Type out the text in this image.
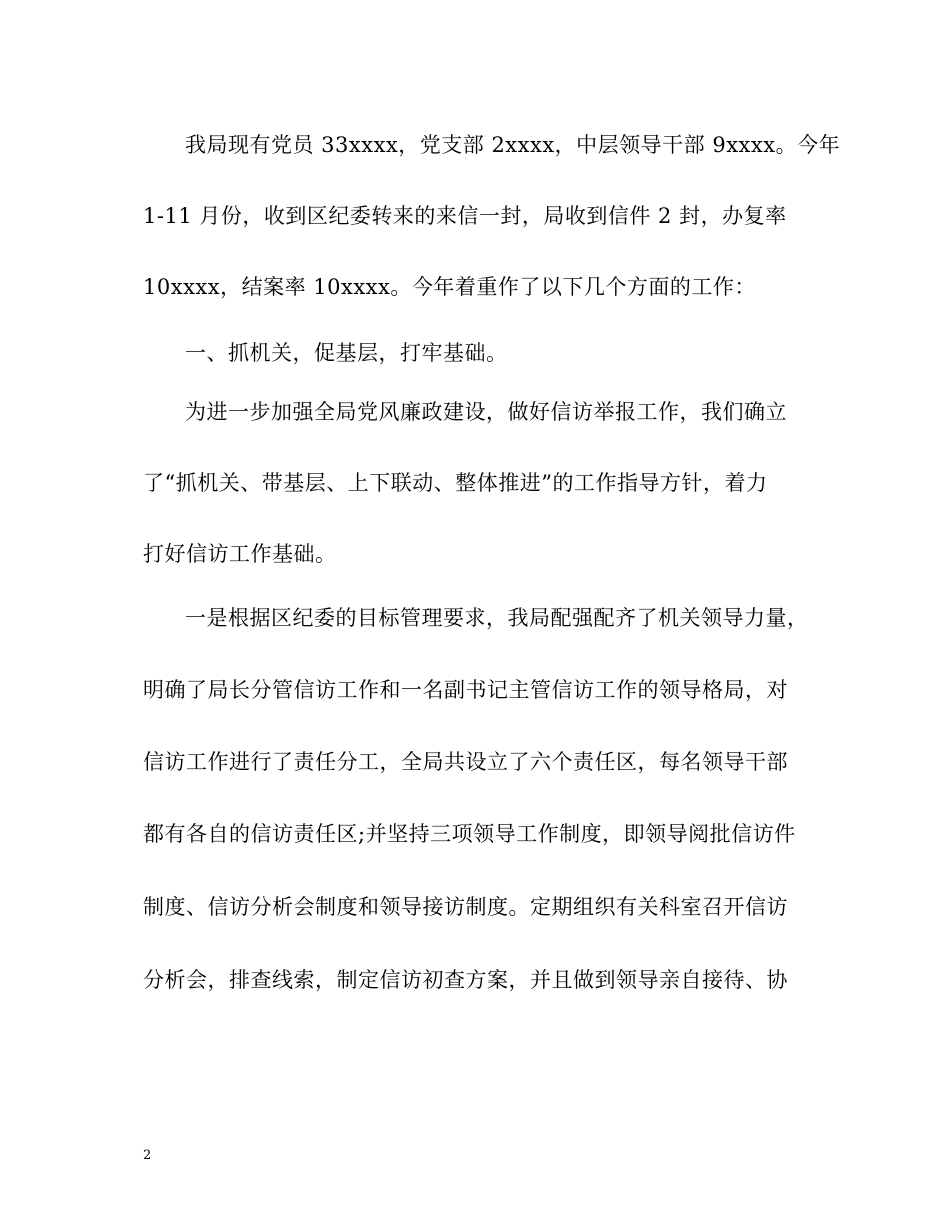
我局现有党员 33xxxx，党支部 2xxxx，中层领导干部 9xxxx。今年
1-11 月份，收到区纪委转来的来信一封，局收到信件 2 封，办复率
10xxxx，结案率 10xxxx。今年着重作了以下几个方面的工作：
一、抓机关，促基层，打牢基础。
为进一步加强全局党风廉政建设，做好信访举报工作，我们确立
了“抓机关、带基层、上下联动、整体推进”的工作指导方针，着力
打好信访工作基础。
一是根据区纪委的目标管理要求，我局配强配齐了机关领导力量，
明确了局长分管信访工作和一名副书记主管信访工作的领导格局，对
信访工作进行了责任分工，全局共设立了六个责任区，每名领导干部
都有各自的信访责任区;并坚持三项领导工作制度，即领导阅批信访件
制度、信访分析会制度和领导接访制度。定期组织有关科室召开信访
分析会，排查线索，制定信访初查方案，并且做到领导亲自接待、协
2
